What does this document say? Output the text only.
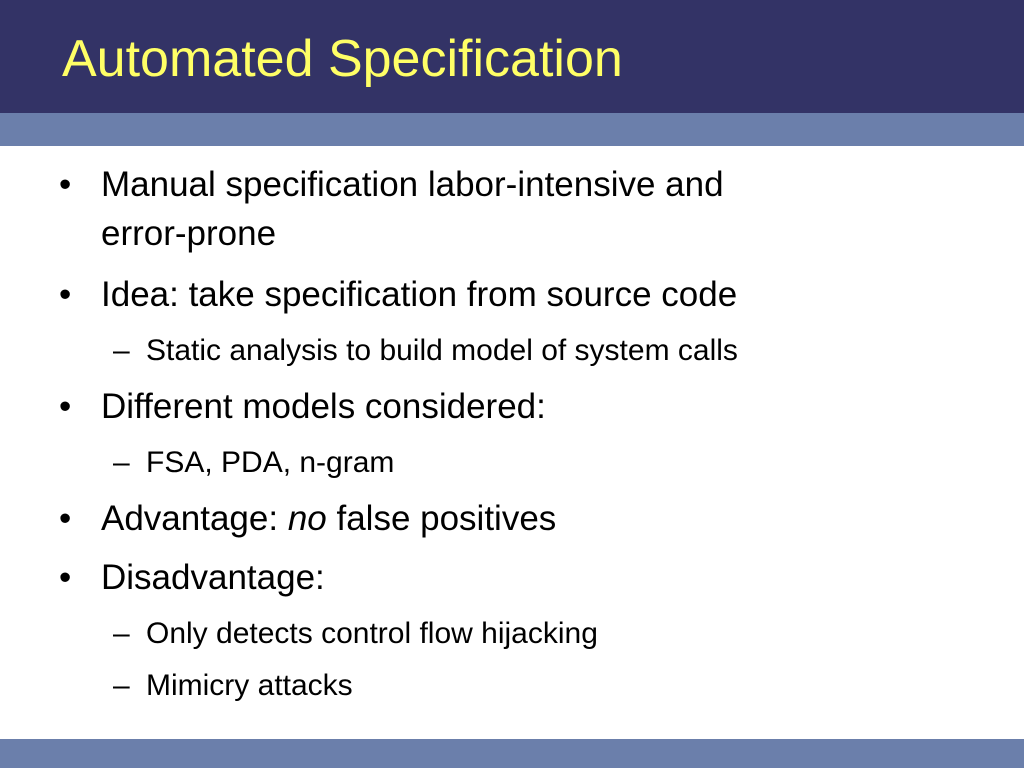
Automated Specification
• Manual specification labor-intensive and
error-prone
• Idea: take specification from source code
– Static analysis to build model of system calls
• Different models considered:
– FSA, PDA, n-gram
• Advantage: no false positives
• Disadvantage:
– Only detects control flow hijacking
– Mimicry attacks
